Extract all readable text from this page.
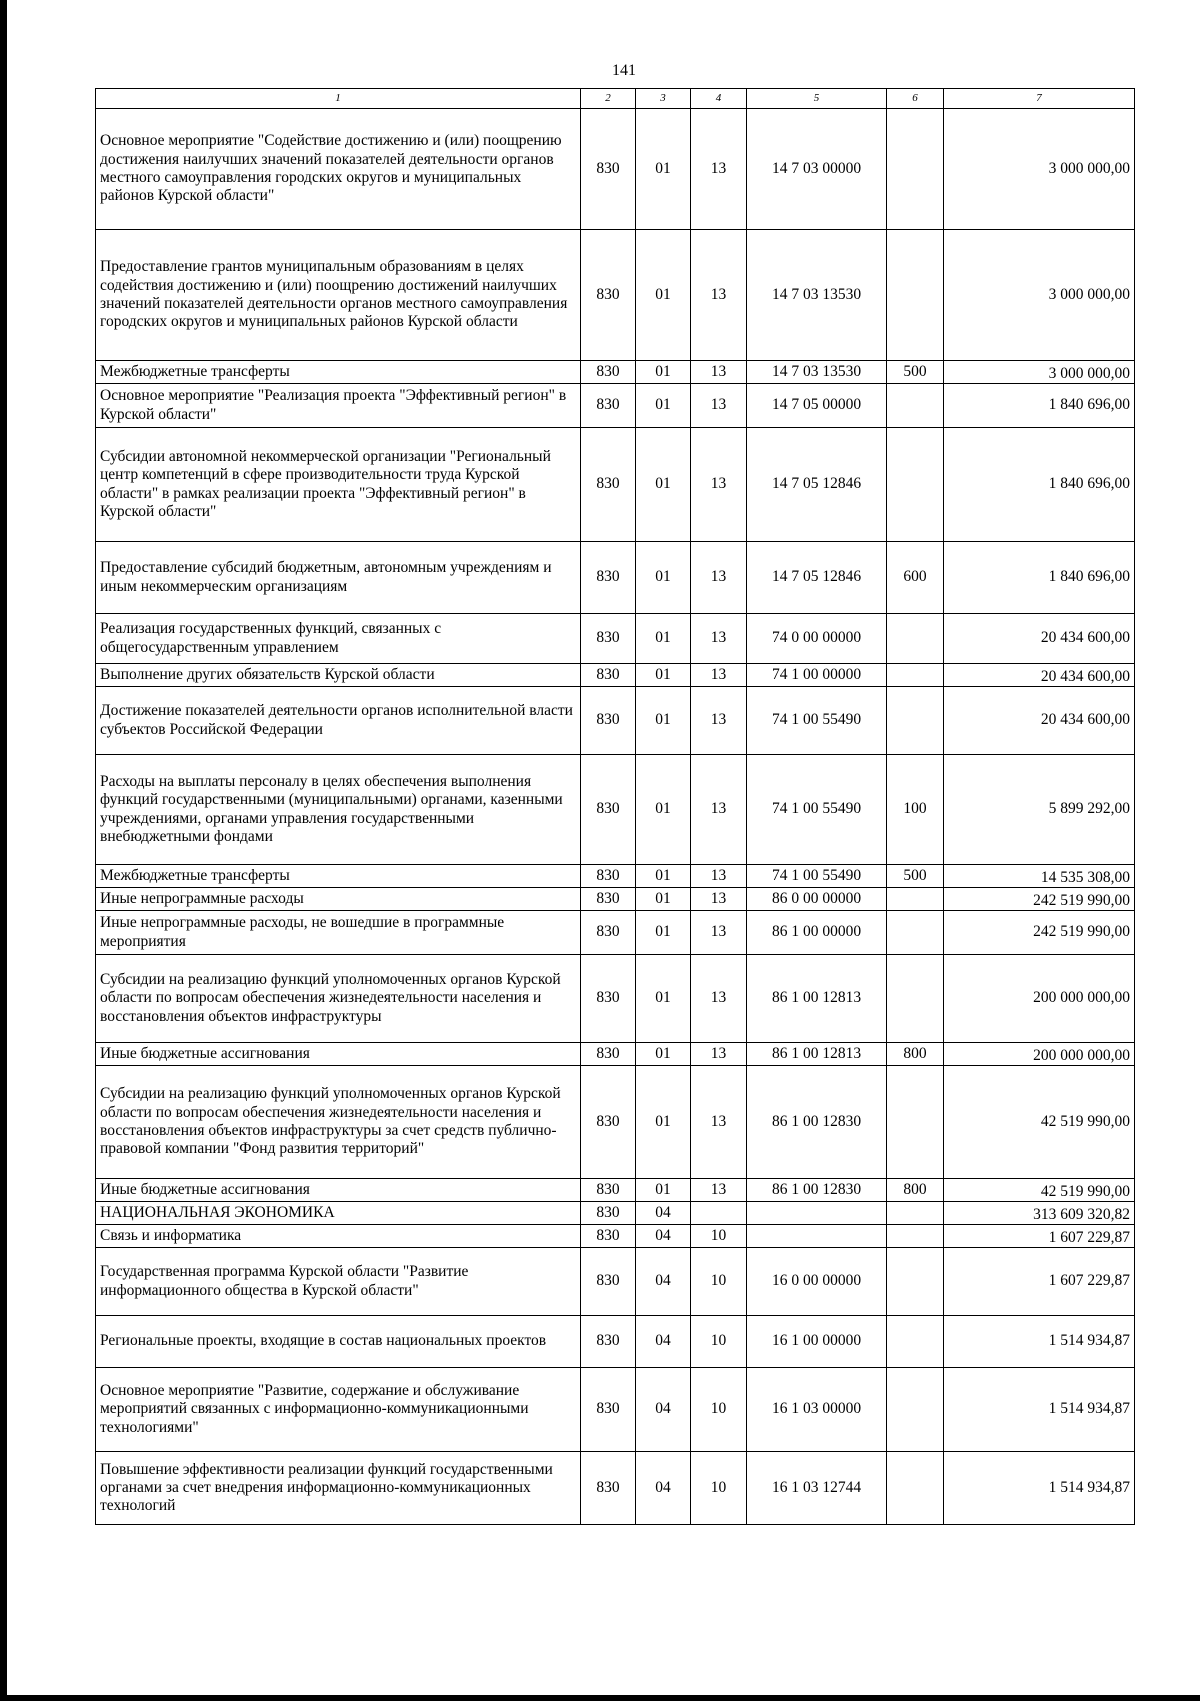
141
1	2	3	4	5	6	7
Основное мероприятие "Содействие достижению и (или) поощрению достижения наилучших значений показателей деятельности органов местного самоуправления городских округов и муниципальных районов Курской области"	830	01	13	14 7 03 00000		3 000 000,00
Предоставление грантов муниципальным образованиям в целях содействия достижению и (или) поощрению достижений наилучших значений показателей деятельности органов местного самоуправления городских округов и муниципальных районов Курской области	830	01	13	14 7 03 13530		3 000 000,00
Межбюджетные трансферты	830	01	13	14 7 03 13530	500	3 000 000,00
Основное мероприятие "Реализация проекта "Эффективный регион" в Курской области"	830	01	13	14 7 05 00000		1 840 696,00
Субсидии автономной некоммерческой организации "Региональный центр компетенций в сфере производительности труда Курской области" в рамках реализации проекта "Эффективный регион" в Курской области"	830	01	13	14 7 05 12846		1 840 696,00
Предоставление субсидий бюджетным, автономным учреждениям и иным некоммерческим организациям	830	01	13	14 7 05 12846	600	1 840 696,00
Реализация государственных функций, связанных с общегосударственным управлением	830	01	13	74 0 00 00000		20 434 600,00
Выполнение других обязательств Курской области	830	01	13	74 1 00 00000		20 434 600,00
Достижение показателей деятельности органов исполнительной власти субъектов Российской Федерации	830	01	13	74 1 00 55490		20 434 600,00
Расходы на выплаты персоналу в целях обеспечения выполнения функций государственными (муниципальными) органами, казенными учреждениями, органами управления государственными внебюджетными фондами	830	01	13	74 1 00 55490	100	5 899 292,00
Межбюджетные трансферты	830	01	13	74 1 00 55490	500	14 535 308,00
Иные непрограммные расходы	830	01	13	86 0 00 00000		242 519 990,00
Иные непрограммные расходы, не вошедшие в программные мероприятия	830	01	13	86 1 00 00000		242 519 990,00
Субсидии на реализацию функций уполномоченных органов Курской области по вопросам обеспечения жизнедеятельности населения и восстановления объектов инфраструктуры	830	01	13	86 1 00 12813		200 000 000,00
Иные бюджетные ассигнования	830	01	13	86 1 00 12813	800	200 000 000,00
Субсидии на реализацию функций уполномоченных органов Курской области по вопросам обеспечения жизнедеятельности населения и восстановления объектов инфраструктуры за счет средств публично-правовой компании "Фонд развития территорий"	830	01	13	86 1 00 12830		42 519 990,00
Иные бюджетные ассигнования	830	01	13	86 1 00 12830	800	42 519 990,00
НАЦИОНАЛЬНАЯ ЭКОНОМИКА	830	04				313 609 320,82
Связь и информатика	830	04	10			1 607 229,87
Государственная программа Курской области "Развитие информационного общества в Курской области"	830	04	10	16 0 00 00000		1 607 229,87
Региональные проекты, входящие в состав национальных проектов	830	04	10	16 1 00 00000		1 514 934,87
Основное мероприятие "Развитие, содержание и обслуживание мероприятий связанных с информационно-коммуникационными технологиями"	830	04	10	16 1 03 00000		1 514 934,87
Повышение эффективности реализации функций государственными органами за счет внедрения информационно-коммуникационных технологий	830	04	10	16 1 03 12744		1 514 934,87
